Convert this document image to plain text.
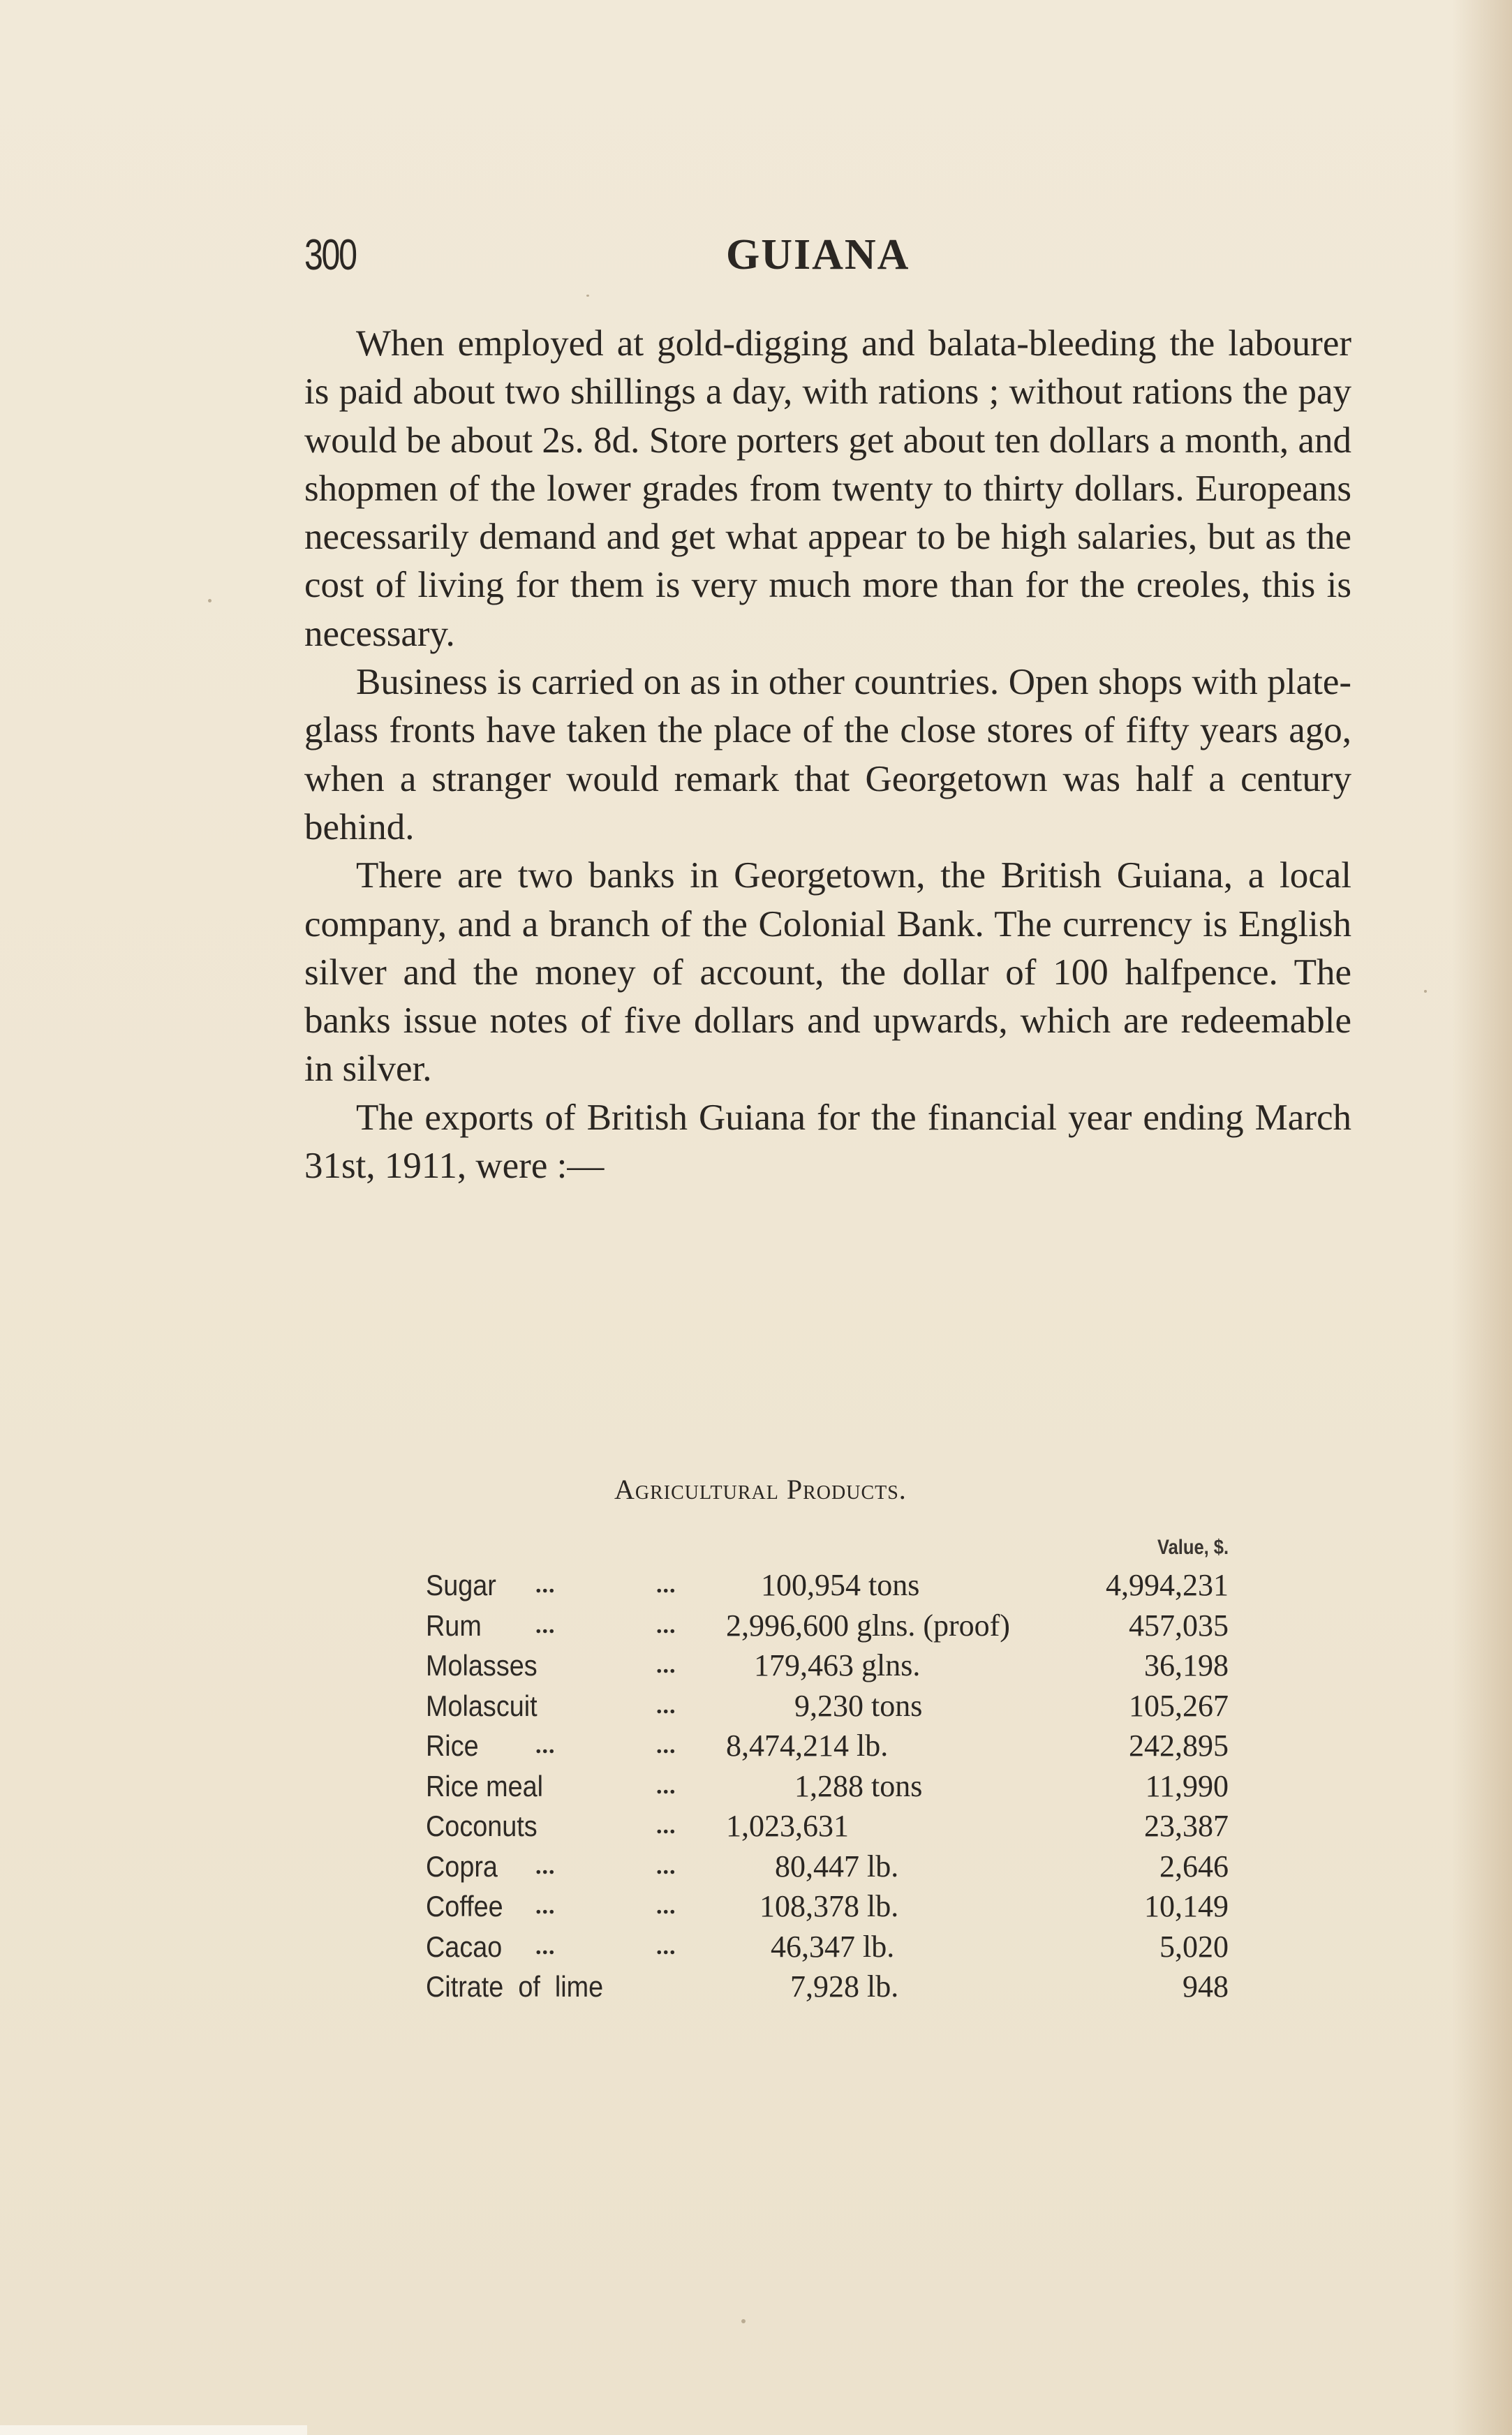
300	GUIANA

When employed at gold-digging and balata-bleeding the labourer is paid about two shillings a day, with rations ; without rations the pay would be about 2s. 8d. Store porters get about ten dollars a month, and shopmen of the lower grades from twenty to thirty dollars. Europeans necessarily demand and get what appear to be high salaries, but as the cost of living for them is very much more than for the creoles, this is necessary.

Business is carried on as in other countries. Open shops with plate-glass fronts have taken the place of the close stores of fifty years ago, when a stranger would remark that Georgetown was half a century behind.

There are two banks in Georgetown, the British Guiana, a local company, and a branch of the Colonial Bank. The currency is English silver and the money of account, the dollar of 100 halfpence. The banks issue notes of five dollars and upwards, which are redeemable in silver.

The exports of British Guiana for the financial year ending March 31st, 1911, were :—

Agricultural Products.
Value, $.
Sugar ...	...	100,954 tons	4,994,231
Rum ...	... 2,996,600 glns. (proof)	457,035
Molasses	...	179,463 glns.	36,198
Molascuit	...	9,230 tons	105,267
Rice ...	... 8,474,214 lb.	242,895
Rice meal	...	1,288 tons	11,990
Coconuts	... 1,023,631	23,387
Copra ...	...	80,447 lb.	2,646
Coffee ...	...	108,378 lb.	10,149
Cacao ...	...	46,347 lb.	5,020
Citrate  of  lime	7,928 lb.	948
